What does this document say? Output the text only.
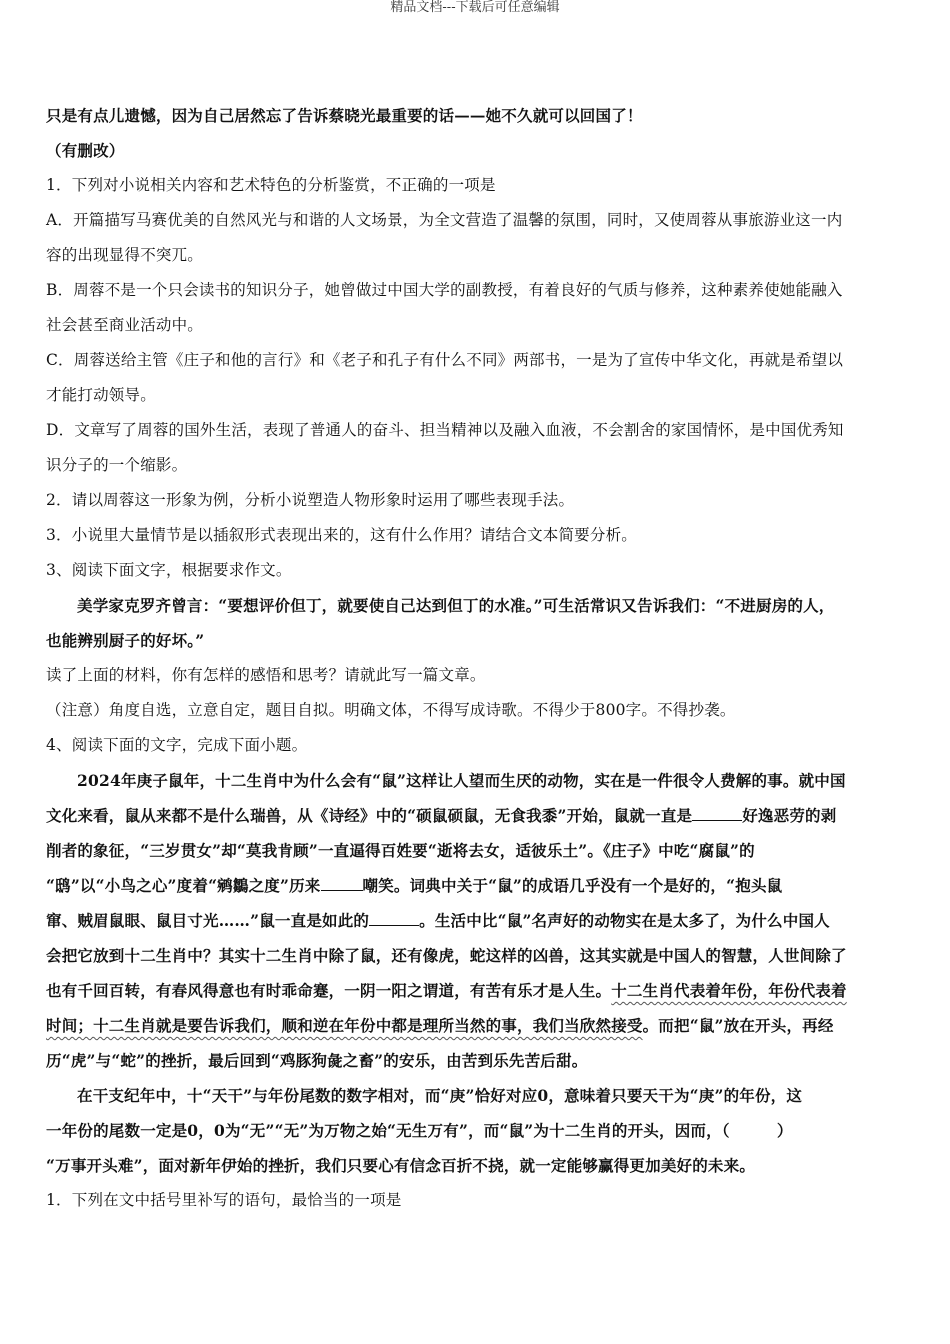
精品文档---下载后可任意编辑
只是有点儿遗憾，因为自己居然忘了告诉蔡晓光最重要的话——她不久就可以回国了！
（有删改）
1．下列对小说相关内容和艺术特色的分析鉴赏，不正确的一项是
A．开篇描写马赛优美的自然风光与和谐的人文场景，为全文营造了温馨的氛围，同时，又使周蓉从事旅游业这一内
容的出现显得不突兀。
B．周蓉不是一个只会读书的知识分子，她曾做过中国大学的副教授，有着良好的气质与修养，这种素养使她能融入
社会甚至商业活动中。
C．周蓉送给主管《庄子和他的言行》和《老子和孔子有什么不同》两部书，一是为了宣传中华文化，再就是希望以
才能打动领导。
D．文章写了周蓉的国外生活，表现了普通人的奋斗、担当精神以及融入血液，不会割舍的家国情怀，是中国优秀知
识分子的一个缩影。
2．请以周蓉这一形象为例，分析小说塑造人物形象时运用了哪些表现手法。
3．小说里大量情节是以插叙形式表现出来的，这有什么作用？请结合文本简要分析。
3、阅读下面文字，根据要求作文。
美学家克罗齐曾言：“要想评价但丁，就要使自己达到但丁的水准。”可生活常识又告诉我们：“不进厨房的人，
也能辨别厨子的好坏。”
读了上面的材料，你有怎样的感悟和思考？请就此写一篇文章。
（注意）角度自选，立意自定，题目自拟。明确文体，不得写成诗歌。不得少于800字。不得抄袭。
4、阅读下面的文字，完成下面小题。
2024年庚子鼠年，十二生肖中为什么会有“鼠”这样让人望而生厌的动物，实在是一件很令人费解的事。就中国
文化来看，鼠从来都不是什么瑞兽，从《诗经》中的“硕鼠硕鼠，无食我黍”开始，鼠就一直是	好逸恶劳的剥
削者的象征，“三岁贯女”却“莫我肯顾”一直逼得百姓要“逝将去女，适彼乐土”。《庄子》中吃“腐鼠”的
“鸱”以“小鸟之心”度着“鹓鶵之度”历来	嘲笑。词典中关于“鼠”的成语几乎没有一个是好的，“抱头鼠
窜、贼眉鼠眼、鼠目寸光……”鼠一直是如此的	。生活中比“鼠”名声好的动物实在是太多了，为什么中国人
会把它放到十二生肖中？其实十二生肖中除了鼠，还有像虎，蛇这样的凶兽，这其实就是中国人的智慧，人世间除了
也有千回百转，有春风得意也有时乖命蹇，一阴一阳之谓道，有苦有乐才是人生。十二生肖代表着年份，年份代表着
时间；十二生肖就是要告诉我们，顺和逆在年份中都是理所当然的事，我们当欣然接受。而把“鼠”放在开头，再经
历“虎”与“蛇”的挫折，最后回到“鸡豚狗彘之畜”的安乐，由苦到乐先苦后甜。
在干支纪年中，十“天干”与年份尾数的数字相对，而“庚”恰好对应0，意味着只要天干为“庚”的年份，这
一年份的尾数一定是0，0为“无”“无”为万物之始“无生万有”，而“鼠”为十二生肖的开头，因而，（　　　）
“万事开头难”，面对新年伊始的挫折，我们只要心有信念百折不挠，就一定能够赢得更加美好的未来。
1．下列在文中括号里补写的语句，最恰当的一项是
